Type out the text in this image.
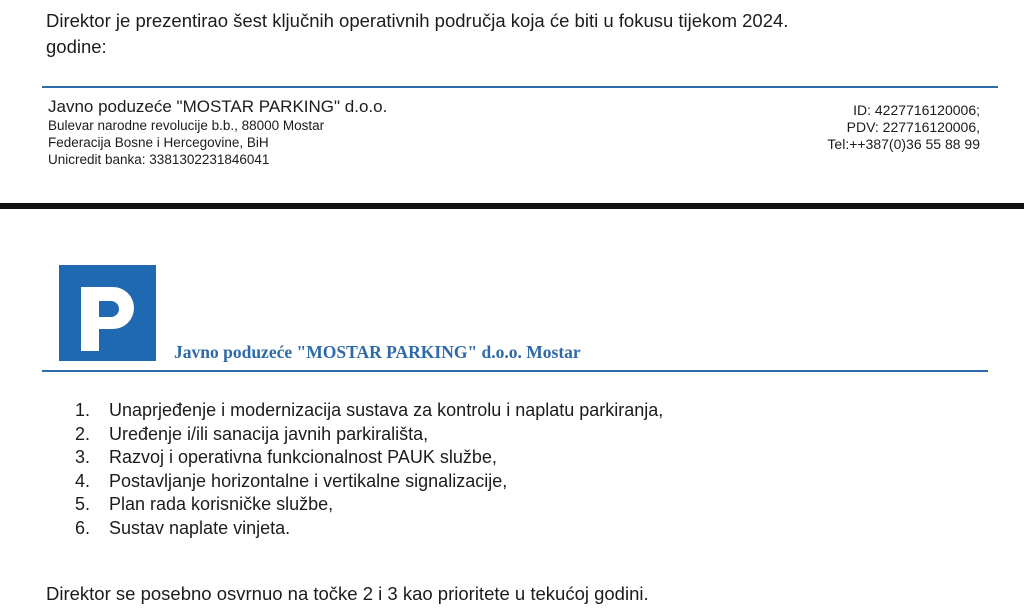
Direktor je prezentirao šest ključnih operativnih područja koja će biti u fokusu tijekom 2024.
godine:

Javno poduzeće "MOSTAR PARKING" d.o.o.
Bulevar narodne revolucije b.b., 88000 Mostar
Federacija Bosne i Hercegovine, BiH
Unicredit banka: 3381302231846041
ID: 4227716120006;
PDV: 227716120006,
Tel:++387(0)36 55 88 99
Javno poduzeće "MOSTAR PARKING" d.o.o. Mostar
1.	Unaprjeđenje i modernizacija sustava za kontrolu i naplatu parkiranja,
2.	Uređenje i/ili sanacija javnih parkirališta,
3.	Razvoj i operativna funkcionalnost PAUK službe,
4.	Postavljanje horizontalne i vertikalne signalizacije,
5.	Plan rada korisničke službe,
6.	Sustav naplate vinjeta.

Direktor se posebno osvrnuo na točke 2 i 3 kao prioritete u tekućoj godini.
